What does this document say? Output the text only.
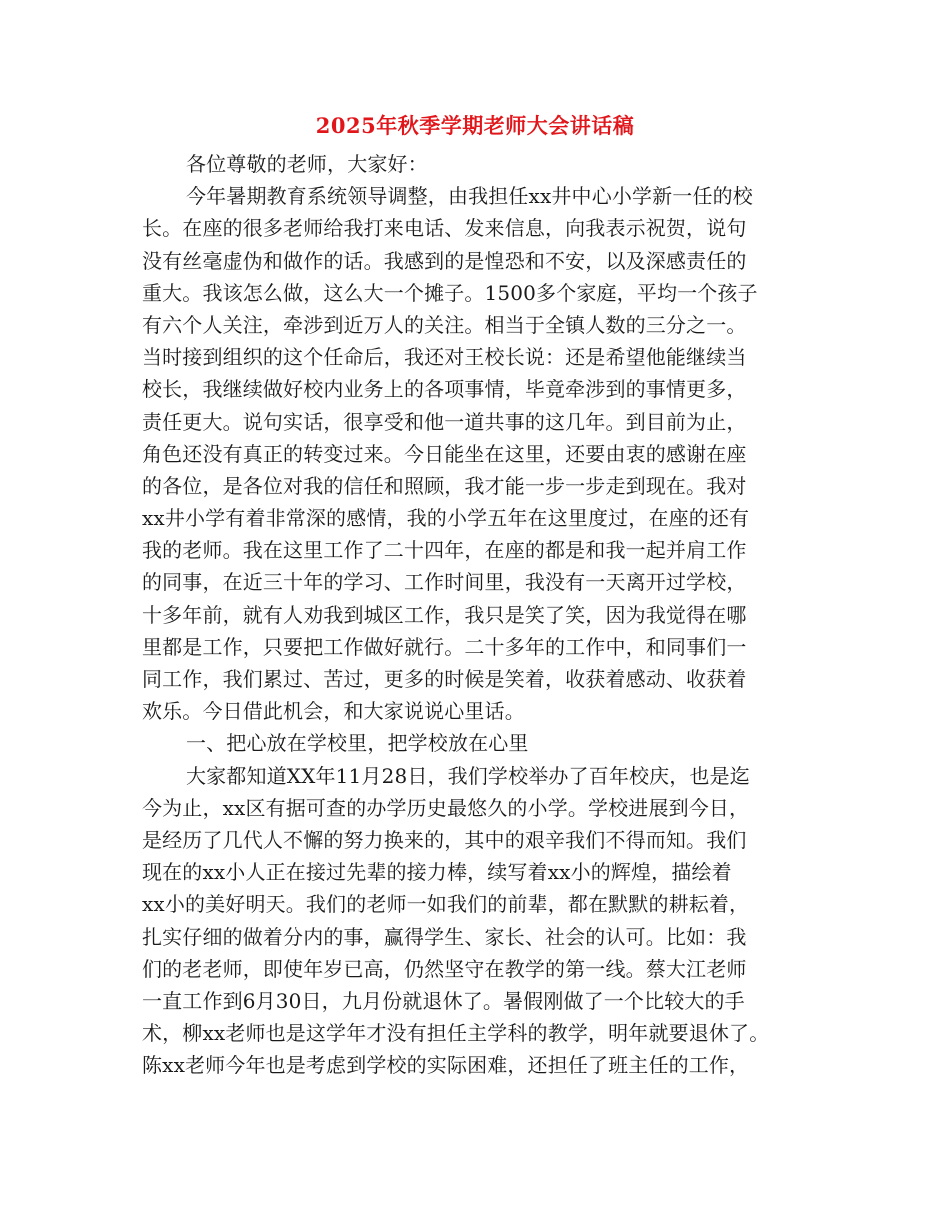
2025年秋季学期老师大会讲话稿
各位尊敬的老师，大家好：
今年暑期教育系统领导调整，由我担任xx井中心小学新一任的校
长。在座的很多老师给我打来电话、发来信息，向我表示祝贺，说句
没有丝毫虚伪和做作的话。我感到的是惶恐和不安，以及深感责任的
重大。我该怎么做，这么大一个摊子。1500多个家庭，平均一个孩子
有六个人关注，牵涉到近万人的关注。相当于全镇人数的三分之一。
当时接到组织的这个任命后，我还对王校长说：还是希望他能继续当
校长，我继续做好校内业务上的各项事情，毕竟牵涉到的事情更多，
责任更大。说句实话，很享受和他一道共事的这几年。到目前为止，
角色还没有真正的转变过来。今日能坐在这里，还要由衷的感谢在座
的各位，是各位对我的信任和照顾，我才能一步一步走到现在。我对
xx井小学有着非常深的感情，我的小学五年在这里度过，在座的还有
我的老师。我在这里工作了二十四年，在座的都是和我一起并肩工作
的同事，在近三十年的学习、工作时间里，我没有一天离开过学校，
十多年前，就有人劝我到城区工作，我只是笑了笑，因为我觉得在哪
里都是工作，只要把工作做好就行。二十多年的工作中，和同事们一
同工作，我们累过、苦过，更多的时候是笑着，收获着感动、收获着
欢乐。今日借此机会，和大家说说心里话。
一、把心放在学校里，把学校放在心里
大家都知道XX年11月28日，我们学校举办了百年校庆，也是迄
今为止，xx区有据可查的办学历史最悠久的小学。学校进展到今日，
是经历了几代人不懈的努力换来的，其中的艰辛我们不得而知。我们
现在的xx小人正在接过先辈的接力棒，续写着xx小的辉煌，描绘着
xx小的美好明天。我们的老师一如我们的前辈，都在默默的耕耘着，
扎实仔细的做着分内的事，赢得学生、家长、社会的认可。比如：我
们的老老师，即使年岁已高，仍然坚守在教学的第一线。蔡大江老师
一直工作到6月30日，九月份就退休了。暑假刚做了一个比较大的手
术，柳xx老师也是这学年才没有担任主学科的教学，明年就要退休了。
陈xx老师今年也是考虑到学校的实际困难，还担任了班主任的工作，
